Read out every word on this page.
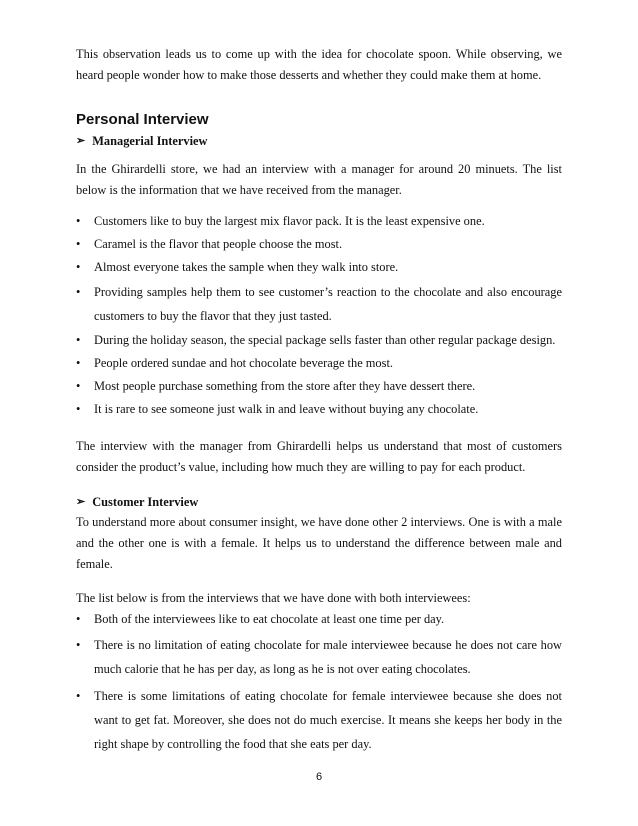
This observation leads us to come up with the idea for chocolate spoon. While observing, we heard people wonder how to make those desserts and whether they could make them at home.

Personal Interview

➢ Managerial Interview

In the Ghirardelli store, we had an interview with a manager for around 20 minuets. The list below is the information that we have received from the manager.

• Customers like to buy the largest mix flavor pack. It is the least expensive one.
• Caramel is the flavor that people choose the most.
• Almost everyone takes the sample when they walk into store.
• Providing samples help them to see customer’s reaction to the chocolate and also encourage customers to buy the flavor that they just tasted.
• During the holiday season, the special package sells faster than other regular package design.
• People ordered sundae and hot chocolate beverage the most.
• Most people purchase something from the store after they have dessert there.
• It is rare to see someone just walk in and leave without buying any chocolate.

The interview with the manager from Ghirardelli helps us understand that most of customers consider the product’s value, including how much they are willing to pay for each product.

➢ Customer Interview

To understand more about consumer insight, we have done other 2 interviews. One is with a male and the other one is with a female. It helps us to understand the difference between male and female.

The list below is from the interviews that we have done with both interviewees:

• Both of the interviewees like to eat chocolate at least one time per day.
• There is no limitation of eating chocolate for male interviewee because he does not care how much calorie that he has per day, as long as he is not over eating chocolates.
• There is some limitations of eating chocolate for female interviewee because she does not want to get fat. Moreover, she does not do much exercise. It means she keeps her body in the right shape by controlling the food that she eats per day.
6
